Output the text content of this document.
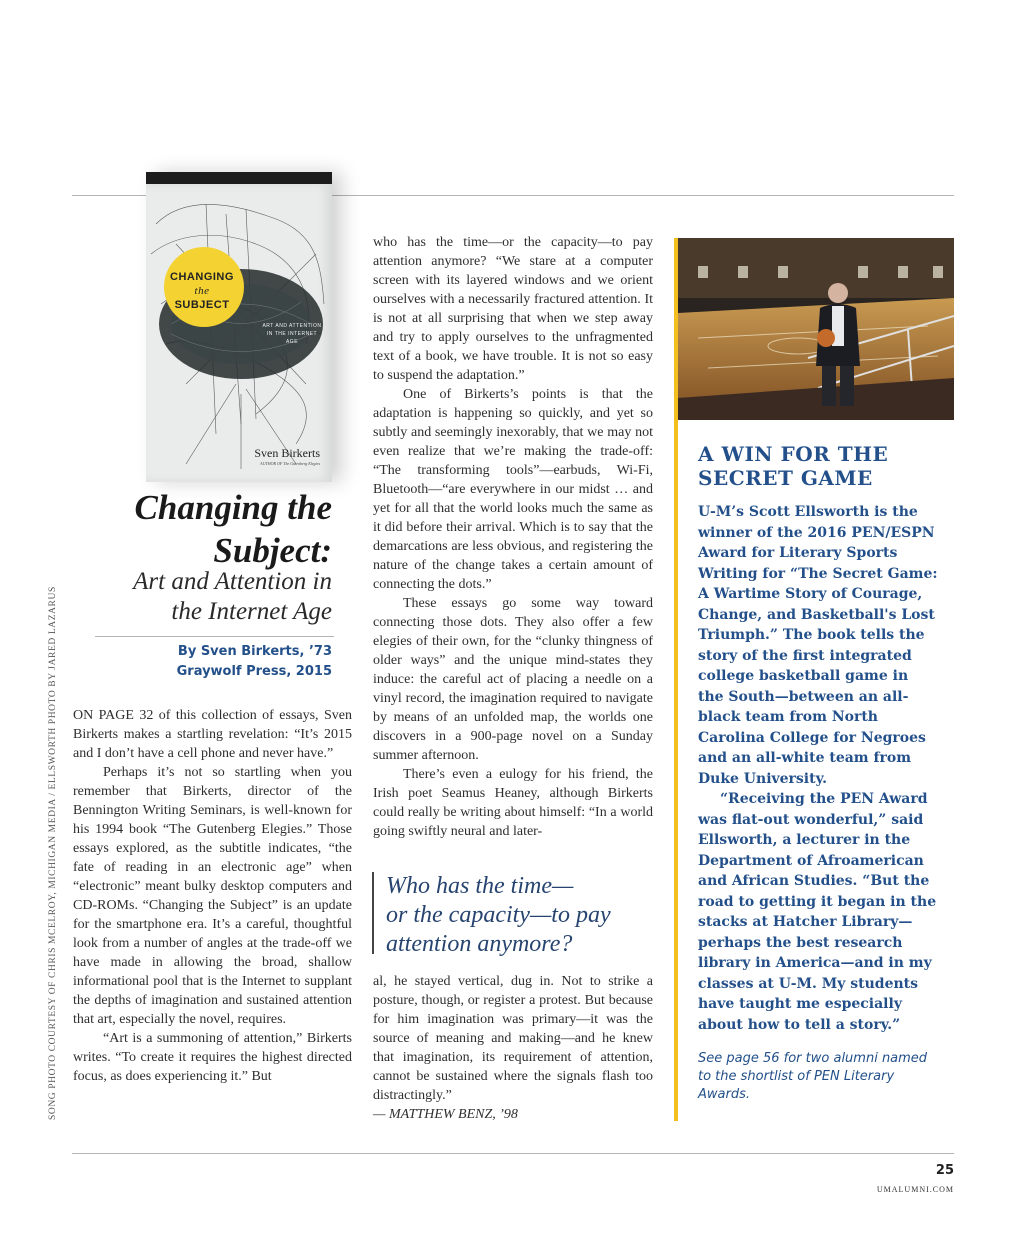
CHANGING
the
SUBJECT
ART AND ATTENTION IN THE INTERNET AGE
Sven Birkerts
AUTHOR OF The Gutenberg Elegies
Changing the
Subject:
Art and Attention in
the Internet Age
By Sven Birkerts, ’73
Graywolf Press, 2015

ON PAGE 32 of this collection of essays, Sven Birkerts makes a startling revelation: “It’s 2015 and I don’t have a cell phone and never have.”

Perhaps it’s not so startling when you remember that Birkerts, director of the Bennington Writing Seminars, is well-known for his 1994 book “The Gutenberg Elegies.” Those essays explored, as the subtitle indicates, “the fate of reading in an electronic age” when “electronic” meant bulky desktop computers and CD-ROMs. “Changing the Subject” is an update for the smartphone era. It’s a careful, thoughtful look from a number of angles at the trade-off we have made in allowing the broad, shallow informational pool that is the Internet to supplant the depths of imagination and sustained attention that art, especially the novel, requires.

“Art is a summoning of attention,” Birkerts writes. “To create it requires the highest directed focus, as does experiencing it.” But

who has the time—or the capacity—to pay attention anymore? “We stare at a computer screen with its layered windows and we orient ourselves with a necessarily fractured attention. It is not at all surprising that when we step away and try to apply ourselves to the unfragmented text of a book, we have trouble. It is not so easy to suspend the adaptation.”

One of Birkerts’s points is that the adaptation is happening so quickly, and yet so subtly and seemingly inexorably, that we may not even realize that we’re making the trade-off: “The transforming tools”—earbuds, Wi-Fi, Bluetooth—“are everywhere in our midst … and yet for all that the world looks much the same as it did before their arrival. Which is to say that the demarcations are less obvious, and registering the nature of the change takes a certain amount of connecting the dots.”

These essays go some way toward connecting those dots. They also offer a few elegies of their own, for the “clunky thingness of older ways” and the unique mind-states they induce: the careful act of placing a needle on a vinyl record, the imagination required to navigate by means of an unfolded map, the worlds one discovers in a 900-page novel on a Sunday summer afternoon.

There’s even a eulogy for his friend, the Irish poet Seamus Heaney, although Birkerts could really be writing about himself: “In a world going swiftly neural and later-

Who has the time—
or the capacity—to pay
attention anymore?

al, he stayed vertical, dug in. Not to strike a posture, though, or register a protest. But because for him imagination was primary—it was the source of meaning and making—and he knew that imagination, its requirement of attention, cannot be sustained where the signals flash too distractingly.”

— MATTHEW BENZ, ’98

A WIN FOR THE
SECRET GAME

U-M’s Scott Ellsworth is the winner of the 2016 PEN/ESPN Award for Literary Sports Writing for “The Secret Game: A Wartime Story of Courage, Change, and Basketball's Lost Triumph.” The book tells the story of the first integrated college basketball game in the South—between an all-black team from North Carolina College for Negroes and an all-white team from Duke University.

“Receiving the PEN Award was flat-out wonderful,” said Ellsworth, a lecturer in the Department of Afroamerican and African Studies. “But the road to getting it began in the stacks at Hatcher Library—perhaps the best research library in America—and in my classes at U-M. My students have taught me especially about how to tell a story.”

See page 56 for two alumni named to the shortlist of PEN Literary Awards.
SONG PHOTO COURTESY OF CHRIS MCELROY, MICHIGAN MEDIA / ELLSWORTH PHOTO BY JARED LAZARUS
25
UMALUMNI.COM
